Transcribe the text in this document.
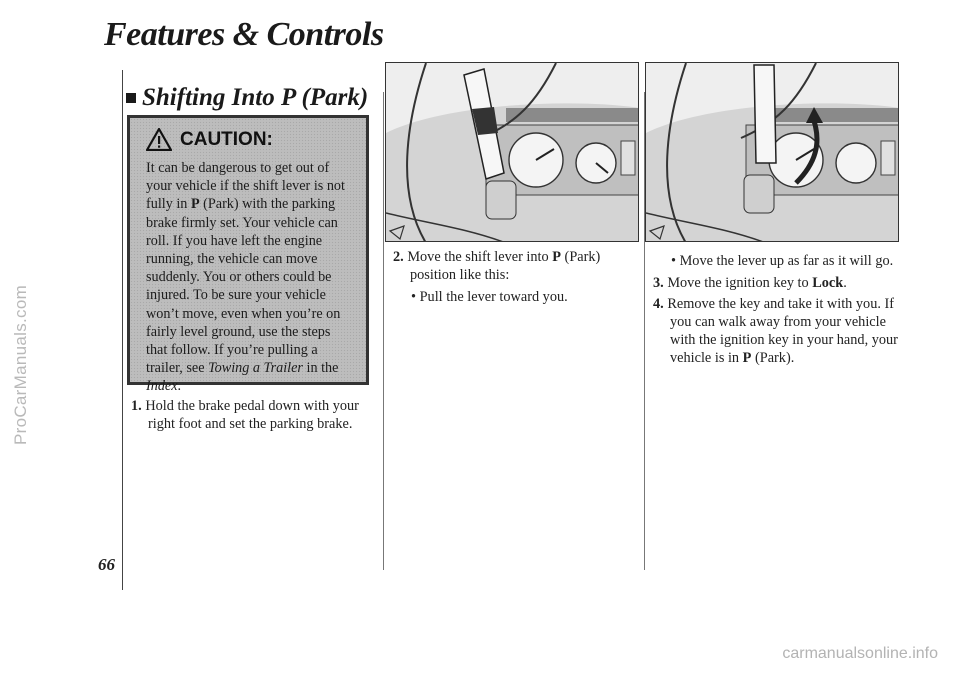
ProCarManuals.com
carmanualsonline.info
Features & Controls
Shifting Into P (Park)
CAUTION:
It can be dangerous to get out of your vehicle if the shift lever is not fully in P (Park) with the parking brake firmly set. Your vehicle can roll. If you have left the engine running, the vehicle can move suddenly. You or others could be injured. To be sure your vehicle won’t move, even when you’re on fairly level ground, use the steps that follow. If you’re pulling a trailer, see Towing a Trailer in the Index.

1. Hold the brake pedal down with your right foot and set the parking brake.

2. Move the shift lever into P (Park) position like this:

• Pull the lever toward you.

• Move the lever up as far as it will go.

3. Move the ignition key to Lock.

4. Remove the key and take it with you. If you can walk away from your vehicle with the ignition key in your hand, your vehicle is in P (Park).

66
